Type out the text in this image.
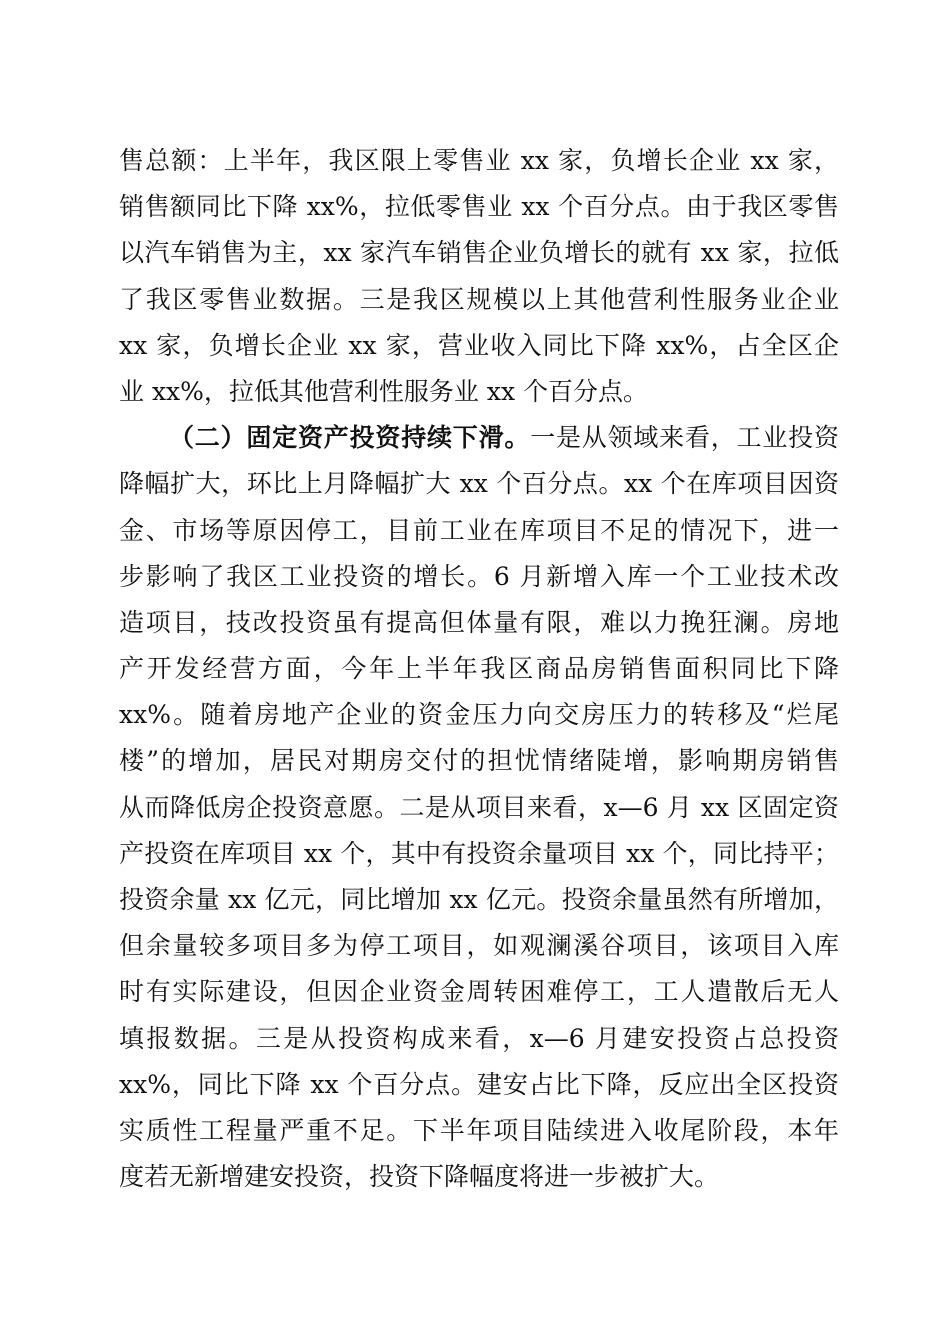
售总额：上半年，我区限上零售业 xx 家，负增长企业 xx 家，
销售额同比下降 xx%，拉低零售业 xx 个百分点。由于我区零售
以汽车销售为主，xx 家汽车销售企业负增长的就有 xx 家，拉低
了我区零售业数据。三是我区规模以上其他营利性服务业企业
xx 家，负增长企业 xx 家，营业收入同比下降 xx%，占全区企
业 xx%，拉低其他营利性服务业 xx 个百分点。
（二）固定资产投资持续下滑。一是从领域来看，工业投资
降幅扩大，环比上月降幅扩大 xx 个百分点。xx 个在库项目因资
金、市场等原因停工，目前工业在库项目不足的情况下，进一
步影响了我区工业投资的增长。6 月新增入库一个工业技术改
造项目，技改投资虽有提高但体量有限，难以力挽狂澜。房地
产开发经营方面，今年上半年我区商品房销售面积同比下降
xx%。随着房地产企业的资金压力向交房压力的转移及“烂尾
楼”的增加，居民对期房交付的担忧情绪陡增，影响期房销售
从而降低房企投资意愿。二是从项目来看，x—6 月 xx 区固定资
产投资在库项目 xx 个，其中有投资余量项目 xx 个，同比持平；
投资余量 xx 亿元，同比增加 xx 亿元。投资余量虽然有所增加，
但余量较多项目多为停工项目，如观澜溪谷项目，该项目入库
时有实际建设，但因企业资金周转困难停工，工人遣散后无人
填报数据。三是从投资构成来看，x—6 月建安投资占总投资
xx%，同比下降 xx 个百分点。建安占比下降，反应出全区投资
实质性工程量严重不足。下半年项目陆续进入收尾阶段，本年
度若无新增建安投资，投资下降幅度将进一步被扩大。
